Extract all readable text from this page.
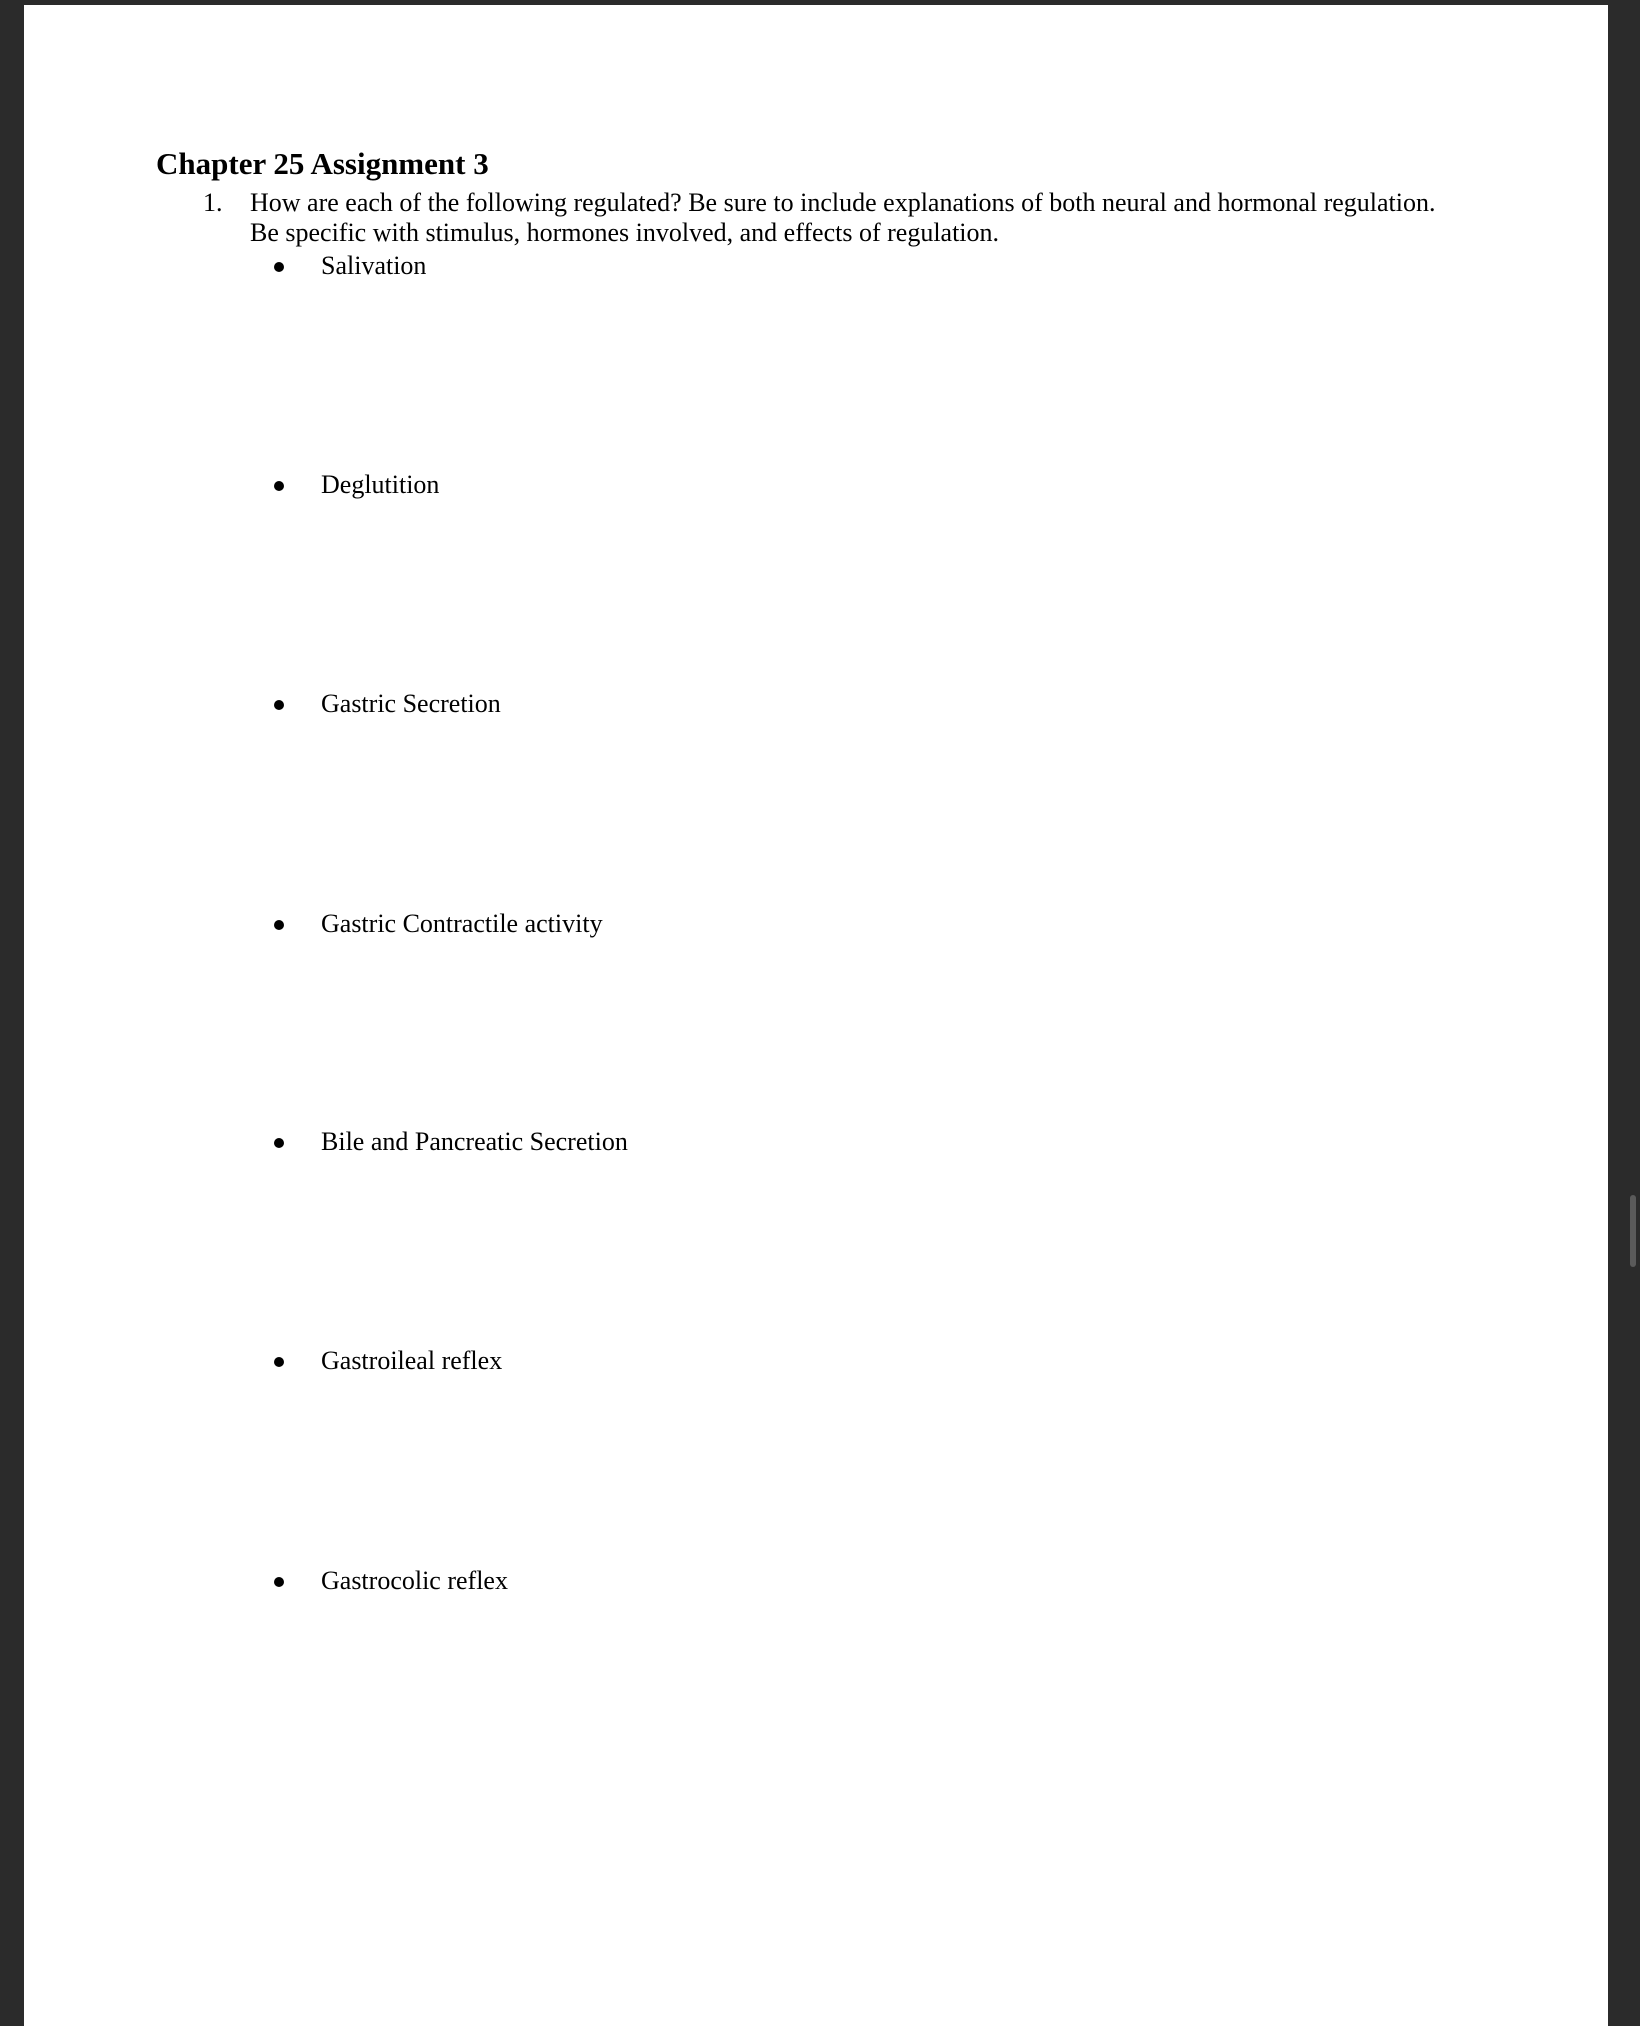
Chapter 25 Assignment 3
1. How are each of the following regulated? Be sure to include explanations of both neural and hormonal regulation.
Be specific with stimulus, hormones involved, and effects of regulation.
Salivation
Deglutition
Gastric Secretion
Gastric Contractile activity
Bile and Pancreatic Secretion
Gastroileal reflex
Gastrocolic reflex
